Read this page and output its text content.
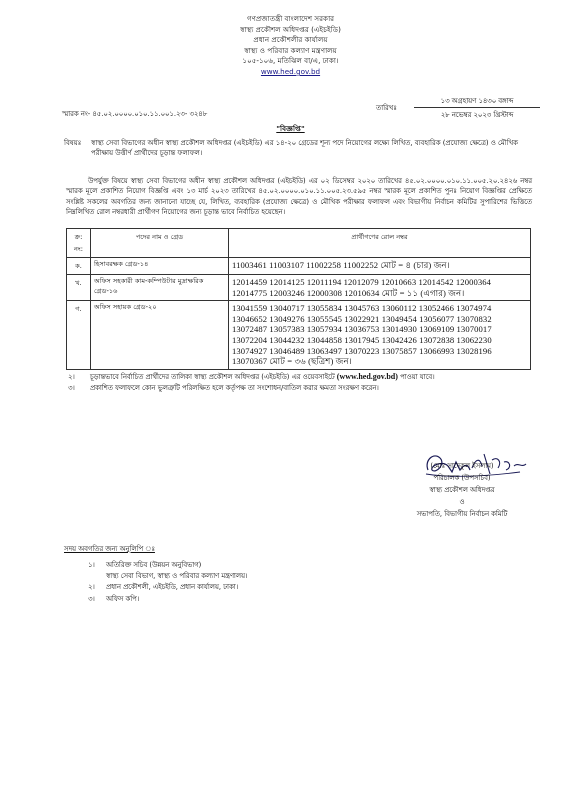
গণপ্রজাতন্ত্রী বাংলাদেশ সরকার
স্বাস্থ্য প্রকৌশল অধিদপ্তর (এইচইডি)
প্রধান প্রকৌশলীর কার্যালয়
স্বাস্থ্য ও পরিবার কল্যাণ মন্ত্রণালয়
১০৫-১০৬, মতিঝিল বা/এ, ঢাকা।
www.hed.gov.bd
স্মারক নং- ৪৫.০২.০০০০.০১০.১১.০০১.২৩- ৩২৪৮
তারিখঃ
১৩ অগ্রহায়ণ ১৪৩০ বঙ্গাব্দ
২৮ নভেম্বর ২০২৩ খ্রিস্টাব্দ
"বিজ্ঞপ্তি"
বিষয়ঃ স্বাস্থ্য সেবা বিভাগের অধীন স্বাস্থ্য প্রকৌশল অধিদপ্তর (এইচইডি) এর ১৪-২০ গ্রেডের শূন্য পদে নিয়োগের লক্ষ্যে লিখিত, ব্যবহারিক (প্রযোজ্য ক্ষেত্রে) ও মৌখিক পরীক্ষায় উত্তীর্ণ প্রার্থীদের চূড়ান্ত ফলাফল।
উপর্যুক্ত বিষয়ে স্বাস্থ্য সেবা বিভাগের অধীন স্বাস্থ্য প্রকৌশল অধিদপ্তর (এইচইডি) এর ০২ ডিসেম্বর ২০২০ তারিখের ৪৫.০২.০০০০.০১০.১১.০০৫.২০.২৪২৬ নম্বর স্মারক মূলে প্রকাশিত নিয়োগ বিজ্ঞপ্তি এবং ১৩ মার্চ ২০২৩ তারিখের ৪৫.০২.০০০০.০১০.১১.০০৫.২৩.৫৯৫ নম্বর স্মারক মূলে প্রকাশিত পুনঃ নিয়োগ বিজ্ঞপ্তির প্রেক্ষিতে সংশ্লিষ্ট সকলের অবগতির জন্য জানানো যাচ্ছে যে, লিখিত, ব্যবহারিক (প্রযোজ্য ক্ষেত্রে) ও মৌখিক পরীক্ষার ফলাফল এবং বিভাগীয় নির্বাচন কমিটির সুপারিশের ভিত্তিতে নিম্নলিখিত রোল নম্বরধারী প্রার্থীগণ নিয়োগের জন্য চূড়ান্ত ভাবে নির্বাচিত হয়েছেন।
ক্র: নং:	পদের নাম ও গ্রেড	প্রার্থীগণের রোল নম্বর
ক.	হিসাবরক্ষক গ্রেড-১৪	11003461 11003107 11002258 11002252 মোট = ৪ (চার) জন।
খ.	অফিস সহকারী কাম-কম্পিউটার মুদ্রাক্ষরিক গ্রেড-১৬	12014459 12014125 12011194 12012079 12010663 12014542 12000364 12014775 12003246 12000308 12010634 মোট = ১১ (এগার) জন।
গ.	অফিস সহায়ক গ্রেড-২০	13041559 13040717 13055834 13045763 13060112 13052466 13074974 13046652 13049276 13055545 13022921 13049454 13056077 13070832 13072487 13057383 13057934 13036753 13014930 13069109 13070017 13072204 13044232 13044858 13017945 13042426 13072838 13062230 13074927 13046489 13063497 13070223 13075857 13066993 13028196 13070367 মোট = ৩৬ (ছত্রিশ) জন।
২। চূড়ান্তভাবে নির্বাচিত প্রার্থীদের তালিকা স্বাস্থ্য প্রকৌশল অধিদপ্তর (এইচইডি) এর ওয়েবসাইটে (www.hed.gov.bd) পাওয়া যাবে।
৩। প্রকাশিত ফলাফলে কোন ভুলত্রুটি পরিলক্ষিত হলে কর্তৃপক্ষ তা সংশোধন/বাতিল করার ক্ষমতা সংরক্ষণ করেন।
(মোঃ সাদেকুল ইসলাম)
পরিচালক (উপসচিব)
স্বাস্থ্য প্রকৌশল অধিদপ্তর
ও
সভাপতি, বিভাগীয় নির্বাচন কমিটি
সদয় অবগতির জন্য অনুলিপি ঃ
১। অতিরিক্ত সচিব (উন্নয়ন অনুবিভাগ)
স্বাস্থ্য সেবা বিভাগ, স্বাস্থ্য ও পরিবার কল্যাণ মন্ত্রণালয়।
২। প্রধান প্রকৌশলী, এইচইডি, প্রধান কার্যালয়, ঢাকা।
৩। অফিস কপি।
